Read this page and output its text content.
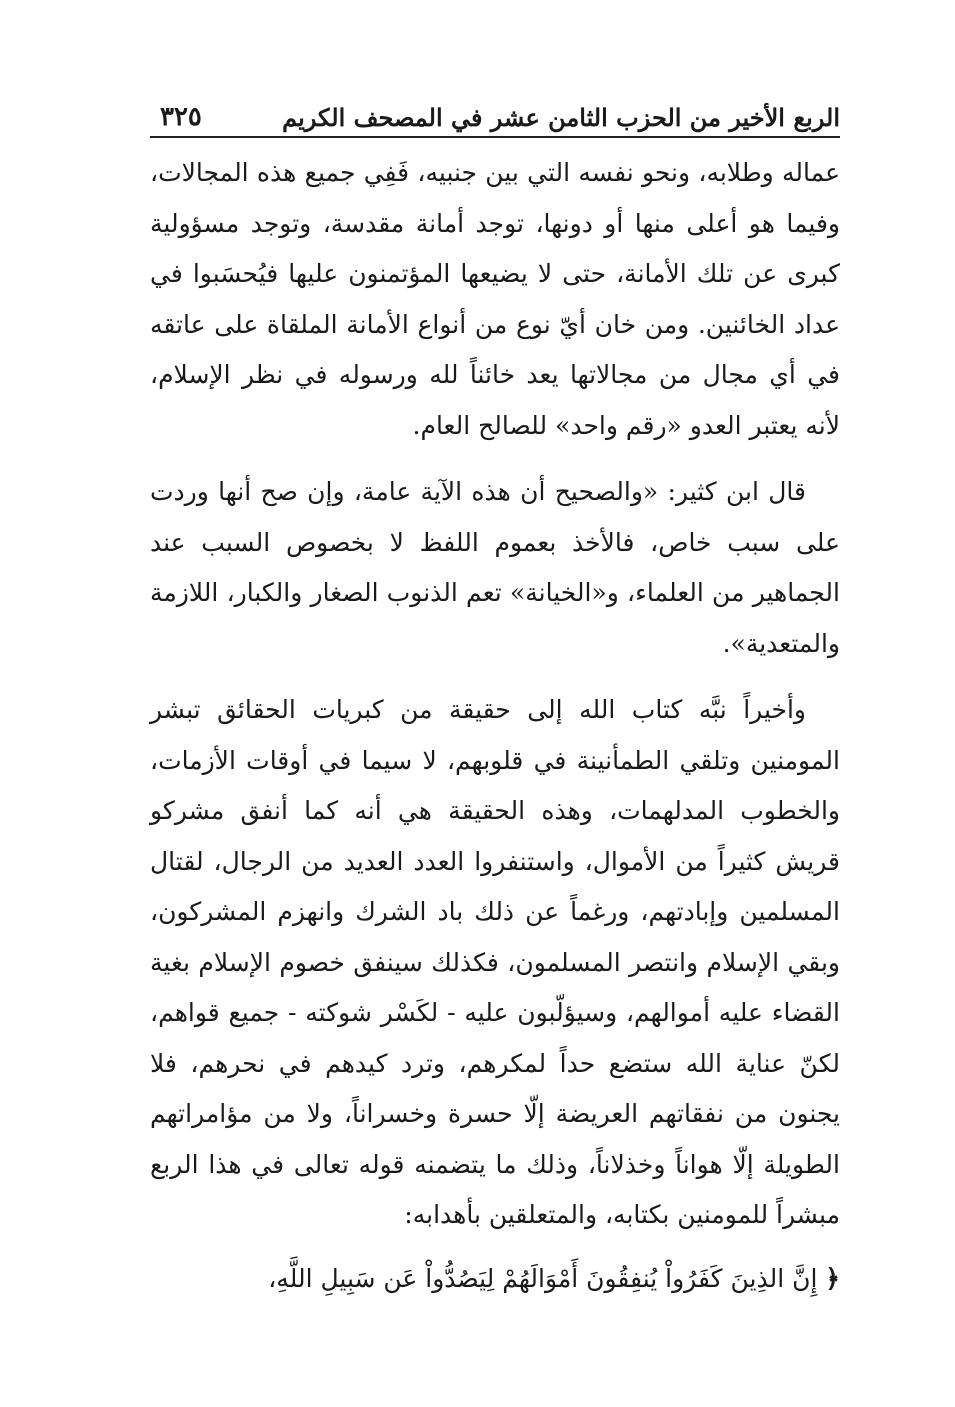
الربع الأخير من الحزب الثامن عشر في المصحف الكريم
٣٢٥

عماله وطلابه، ونحو نفسه التي بين جنبيه، فَفِي جميع هذه المجالات، وفيما هو أعلى منها أو دونها، توجد أمانة مقدسة، وتوجد مسؤولية كبرى عن تلك الأمانة، حتى لا يضيعها المؤتمنون عليها فيُحسَبوا في عداد الخائنين. ومن خان أيّ نوع من أنواع الأمانة الملقاة على عاتقه في أي مجال من مجالاتها يعد خائناً لله ورسوله في نظر الإسلام، لأنه يعتبر العدو «رقم واحد» للصالح العام.

قال ابن كثير: «والصحيح أن هذه الآية عامة، وإن صح أنها وردت على سبب خاص، فالأخذ بعموم اللفظ لا بخصوص السبب عند الجماهير من العلماء، و«الخيانة» تعم الذنوب الصغار والكبار، اللازمة والمتعدية».

وأخيراً نبَّه كتاب الله إلى حقيقة من كبريات الحقائق تبشر المومنين وتلقي الطمأنينة في قلوبهم، لا سيما في أوقات الأزمات، والخطوب المدلهمات، وهذه الحقيقة هي أنه كما أنفق مشركو قريش كثيراً من الأموال، واستنفروا العدد العديد من الرجال، لقتال المسلمين وإبادتهم، ورغماً عن ذلك باد الشرك وانهزم المشركون، وبقي الإسلام وانتصر المسلمون، فكذلك سينفق خصوم الإسلام بغية القضاء عليه أموالهم، وسيؤلّبون عليه - لكَسْر شوكته - جميع قواهم، لكنّ عناية الله ستضع حداً لمكرهم، وترد كيدهم في نحرهم، فلا يجنون من نفقاتهم العريضة إلّا حسرة وخسراناً، ولا من مؤامراتهم الطويلة إلّا هواناً وخذلاناً، وذلك ما يتضمنه قوله تعالى في هذا الربع مبشراً للمومنين بكتابه، والمتعلقين بأهدابه:

﴿ إِنَّ الذِينَ كَفَرُواْ يُنفِقُونَ أَمْوَالَهُمْ لِيَصُدُّواْ عَن سَبِيلِ اللَّهِ،
